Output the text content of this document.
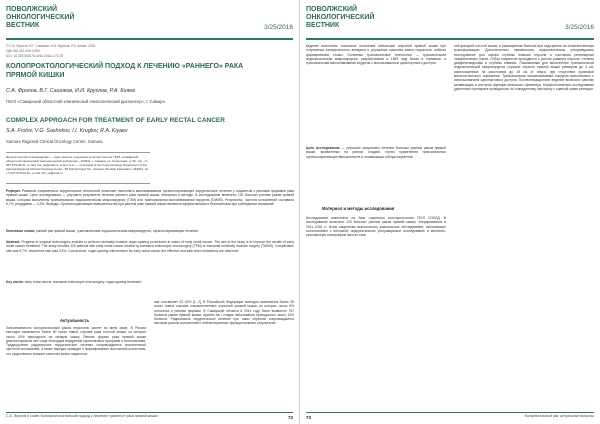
ПОВОЛЖСКИЙ
ОНКОЛОГИЧЕСКИЙ
ВЕСТНИК	3/25/2016
© С.А. Фролов, В.Г. Сашнков, И.И. Круглов, Р.А. Кияев, 2016
УДК 616.351-006.6-089
DOI: 10.32000/2078-1466-2016-3-73-78
КОЛОПРОКТОЛОГИЧЕСКИЙ ПОДХОД К ЛЕЧЕНИЮ «РАННЕГО» РАКА ПРЯМОЙ КИШКИ
С.А. Фролов, В.Г. Сашнков, И.И. Круглов, Р.А. Кияев
ГБУЗ «Самарский областной клинический онкологический диспансер», г. Самара
COMPLEX APPROACH FOR TREATMENT OF EARLY RECTAL CANCER
S.A. Frolov, V.G. Sashnkov, I.I. Kruglov, R.A. Kiyaev
Samara Regional Clinical Oncology Centre, Samara
Фролов Сергей Александрович — врач-онколог отделения колопроктологии ГБУЗ «Самарский областной клинический онкологический диспансер», 443031, г. Самара, ул. Солнечная, д. 50, тел. +7-937-679-09-31, e-mail: frol_sa@mail.ru. Frolov S.A. — oncologist of the Coloproctology Department of the Samara Regional Clinical Oncology Centre. 50 Solnechnaya Str., Samara, Russian Federation, 443031, tel. +7-937-679-09-31, e-mail: frol_sa@mail.ru
Реферат. Развитие современных хирургических технологий позволяет выполнять малоинвазивное органосохраняющее хирургическое лечение у пациентов с ранними формами рака прямой кишки. Цель исследования — улучшить результаты лечения раннего рака прямой кишки. Материал и методы. В исследование включено 120 больных ранним раком прямой кишки, которым выполнены трансанальная эндоскопическая микрохирургия (ТЭМ) или трансанальная малоинвазивная хирургия (TAMIS). Результаты. Частота осложнений составила 6,7%, рецидивов — 3,3%. Выводы. Органосохраняющие вмешательства при раннем раке прямой кишки являются эффективными и безопасными при соблюдении показаний.
Ключевые слова: ранний рак прямой кишки, трансанальная эндоскопическая микрохирургия, органосохраняющее лечение.
Abstract. Progress in surgical technologies enables to perform minimally invasive organ-sparing procedures in cases of early rectal cancer. The aim of the study is to improve the results of early rectal cancer treatment. The study enrolled 120 patients with early rectal cancer treated by transanal endoscopic microsurgery (TEM) or transanal minimally invasive surgery (TAMIS). Complication rate was 6.7%, recurrence rate was 3.3%. Conclusions: organ-sparing interventions for early rectal cancer are effective and safe when indications are observed.
Key words: early rectal cancer, transanal endoscopic microsurgery, organ-sparing treatment.
Актуальность
Заболеваемость колоректальным раком неуклонно растет во всем мире. В России ежегодно выявляется более 60 тысяч новых случаев рака толстой кишки, из которых около 40% приходится на прямую кишку. Ранние формы рака прямой кишки диагностируются все чаще благодаря внедрению скрининговых программ и колоноскопии. Традиционное радикальное хирургическое лечение сопровождается значительной частотой осложнений, а также нередко приводит к формированию постоянной колостомы, что существенно снижает качество жизни пациентов.
ние составляет 22–34% [1, 2]. В Российской Федерации ежегодно выявляется более 25 тысяч новых случаев злокачественных опухолей прямой кишки, из которых около 6% относятся к ранним формам. В Самарской области в 2014 году было выявлено 757 больных раком прямой кишки, причем на I стадии заболевания приходилось около 15% больных. Радикальное хирургическое лечение при таких опухолях сопровождается высоким риском осложнений и неблагоприятных функциональных результатов.
С.А. Фролов и соавт. Колопроктологический подход к лечению «раннего» рака прямой кишки	72
ПОВОЛЖСКИЙ
ОНКОЛОГИЧЕСКИЙ
ВЕСТНИК	3/25/2016
ведение выполнять локальное иссечение небольших опухолей прямой кишки при сохранении запирательного аппарата и улучшение качества жизни пациентов, избегая формирования стомы. Основные трансанальные технологии — трансанальная эндоскопическая микрохирургия, разработанная в 1983 году Buess в Германии, и трансанальная малоинвазивная хирургия с использованием однопортового доступа.
Цель исследования — улучшить результаты лечения больных ранним раком прямой кишки, выявленных на ранних стадиях, путем применения трансанальных органосохраняющих вмешательств и оптимизации отбора пациентов.
Материал и методы исследования
Исследование выполнено на базе отделения колопроктологии ГБУЗ СОКОД. В исследование включено 120 больных ранним раком прямой кишки, оперированных в 2011–2016 гг. Всем пациентам выполнялось комплексное обследование, включающее колоноскопию с биопсией, эндоректальное ультразвуковое исследование и магнитно-резонансную томографию малого таза.
пой фасцией толстой кишки, и расширенная биопсия при подозрении на злокачественную трансформацию. Дополнительно применялись эндоскопическое ультразвуковое исследование для оценки глубины инвазии опухоли и состояния регионарных лимфатических узлов. Отбор пациентов проводился с учетом размера опухоли, степени дифференцировки и глубины инвазии. Показаниями для выполнения трансанальной эндоскопической микрохирургии служили опухоли прямой кишки размером до 4 см, расположенные на расстоянии до 15 см от ануса, при отсутствии признаков метастатического поражения. Трансанальная малоинвазивная хирургия выполнялась с использованием однопортового доступа. Послеоперационное ведение включало раннюю активизацию и контроль функции анального сфинктера. Морфологическое исследование удаленного препарата проводилось по стандартному протоколу с оценкой краев резекции.
73	Колоректальный рак: актуальные вопросы
